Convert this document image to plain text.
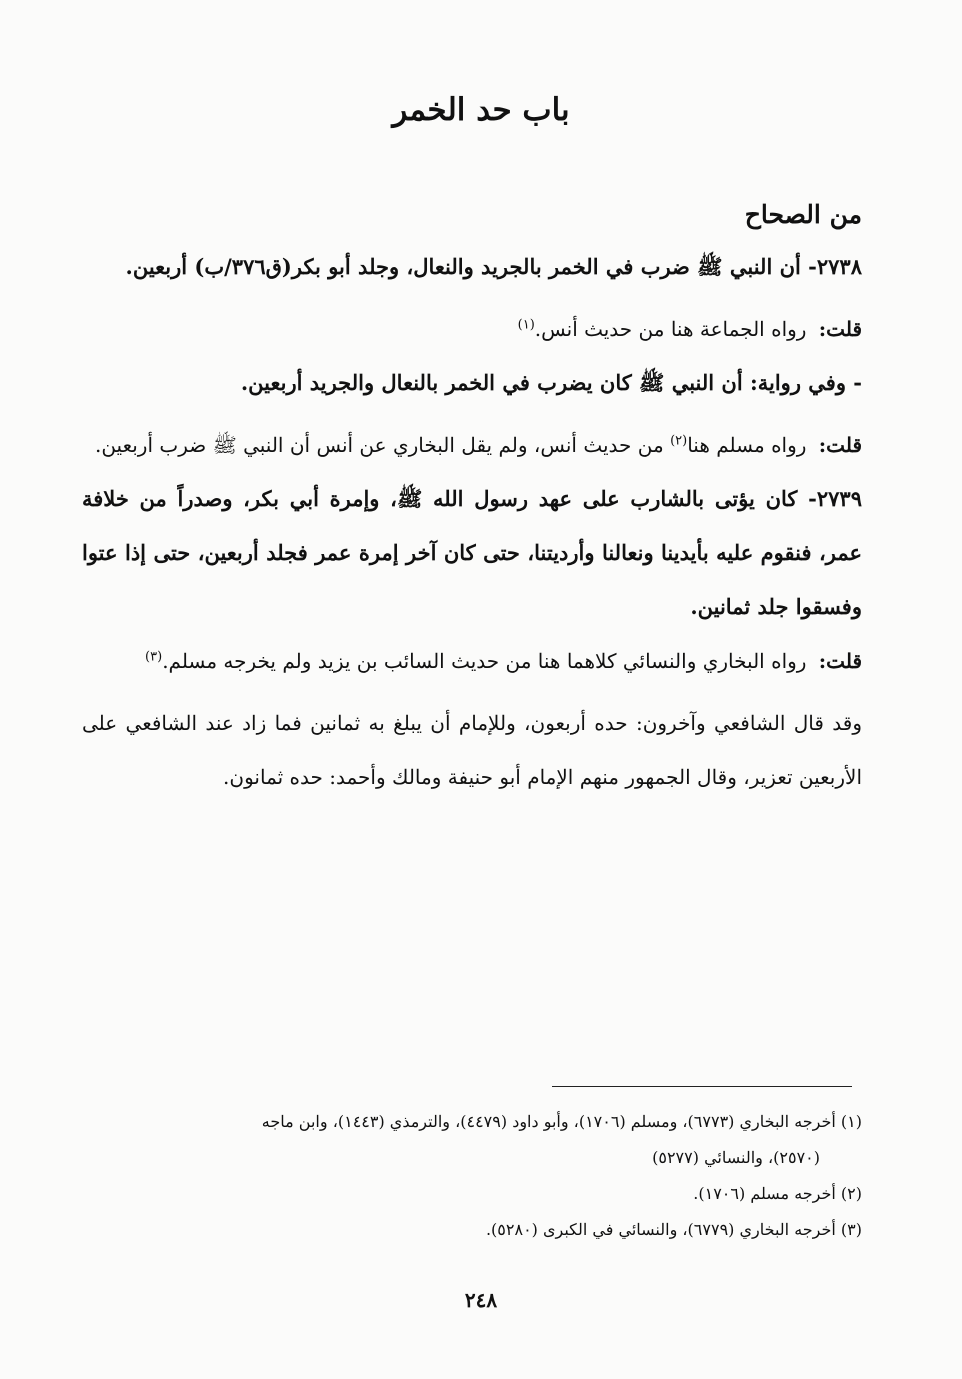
باب حد الخمر
من الصحاح
٢٧٣٨- أن النبي ﷺ ضرب في الخمر بالجريد والنعال، وجلد أبو بكر(ق٣٧٦/ب) أربعين.
قلت: رواه الجماعة هنا من حديث أنس.$^{(١)}$
- وفي رواية: أن النبي ﷺ كان يضرب في الخمر بالنعال والجريد أربعين.
قلت: رواه مسلم هنا$^{(٢)}$ من حديث أنس، ولم يقل البخاري عن أنس أن النبي ﷺ ضرب أربعين.
٢٧٣٩- كان يؤتى بالشارب على عهد رسول الله ﷺ، وإمرة أبي بكر، وصدراً من خلافة عمر، فنقوم عليه بأيدينا ونعالنا وأرديتنا، حتى كان آخر إمرة عمر فجلد أربعين، حتى إذا عتوا وفسقوا جلد ثمانين.
قلت: رواه البخاري والنسائي كلاهما هنا من حديث السائب بن يزيد ولم يخرجه مسلم.$^{(٣)}$
وقد قال الشافعي وآخرون: حده أربعون، وللإمام أن يبلغ به ثمانين فما زاد عند الشافعي على الأربعين تعزير، وقال الجمهور منهم الإمام أبو حنيفة ومالك وأحمد: حده ثمانون.
(١) أخرجه البخاري (٦٧٧٣)، ومسلم (١٧٠٦)، وأبو داود (٤٤٧٩)، والترمذي (١٤٤٣)، وابن ماجه
(٢٥٧٠)، والنسائي (٥٢٧٧)
(٢) أخرجه مسلم (١٧٠٦).
(٣) أخرجه البخاري (٦٧٧٩)، والنسائي في الكبرى (٥٢٨٠).
٢٤٨
